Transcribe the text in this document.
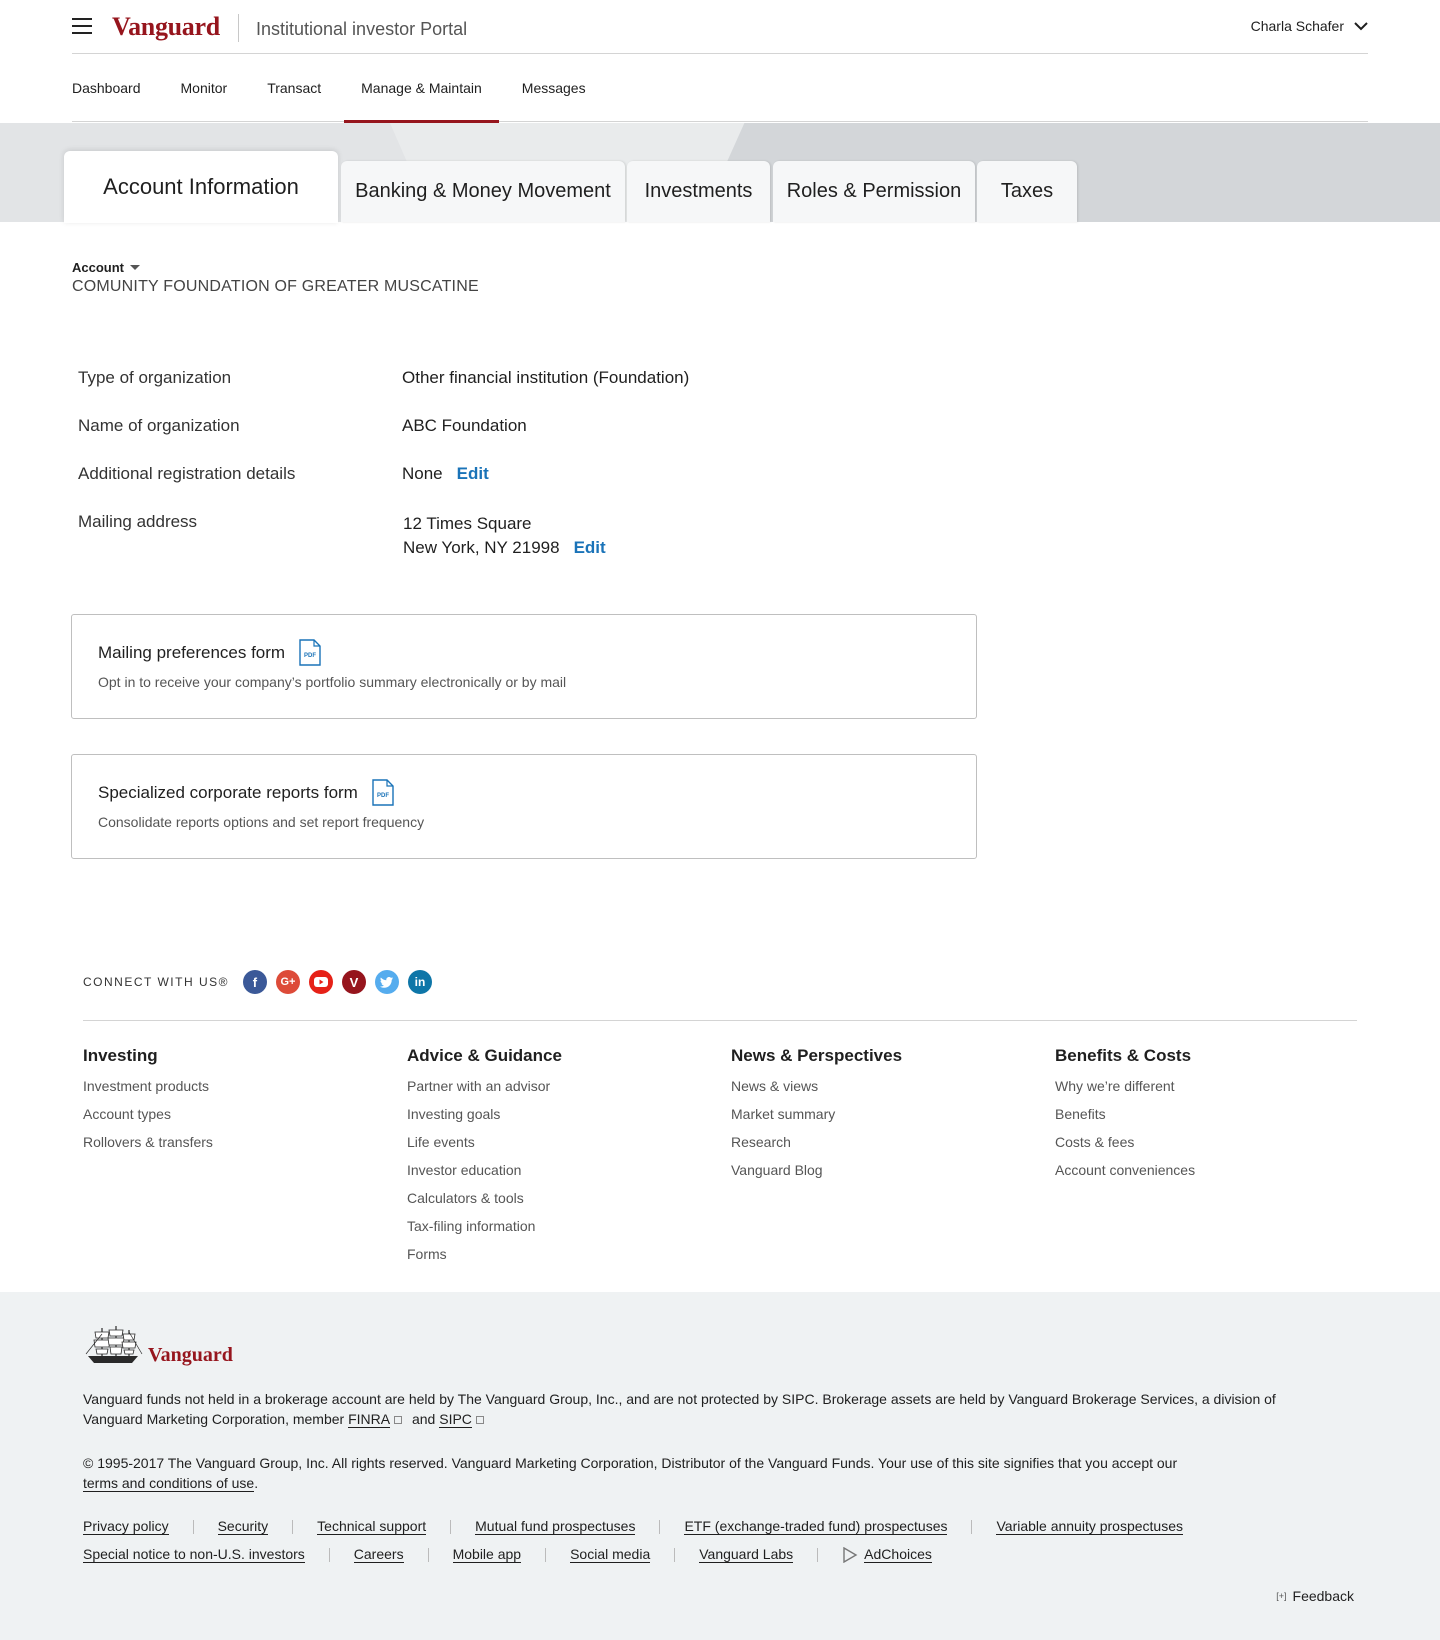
Vanguard Institutional investor Portal	Charla Schafer
Dashboard	Monitor	Transact	Manage & Maintain	Messages
Account Information	Banking & Money Movement	Investments	Roles & Permission	Taxes
Account
COMUNITY FOUNDATION OF GREATER MUSCATINE
Type of organization	Other financial institution (Foundation)
Name of organization	ABC Foundation
Additional registration details	None Edit
Mailing address	12 Times Square
New York, NY 21998 Edit
Mailing preferences form	PDF
Opt in to receive your company’s portfolio summary electronically or by mail
Specialized corporate reports form	PDF
Consolidate reports options and set report frequency
CONNECT WITH US®	f	G+	V	in
Investing
Investment products
Account types
Rollovers & transfers
Advice & Guidance
Partner with an advisor
Investing goals
Life events
Investor education
Calculators & tools
Tax-filing information
Forms
News & Perspectives
News & views
Market summary
Research
Vanguard Blog
Benefits & Costs
Why we’re different
Benefits
Costs & fees
Account conveniences
Vanguard
Vanguard funds not held in a brokerage account are held by The Vanguard Group, Inc., and are not protected by SIPC. Brokerage assets are held by Vanguard Brokerage Services, a division of Vanguard Marketing Corporation, member FINRA and SIPC
© 1995-2017 The Vanguard Group, Inc. All rights reserved. Vanguard Marketing Corporation, Distributor of the Vanguard Funds. Your use of this site signifies that you accept our terms and conditions of use.
Privacy policy	Security	Technical support	Mutual fund prospectuses	ETF (exchange-traded fund) prospectuses	Variable annuity prospectuses
Special notice to non-U.S. investors	Careers	Mobile app	Social media	Vanguard Labs	AdChoices
[+] Feedback
